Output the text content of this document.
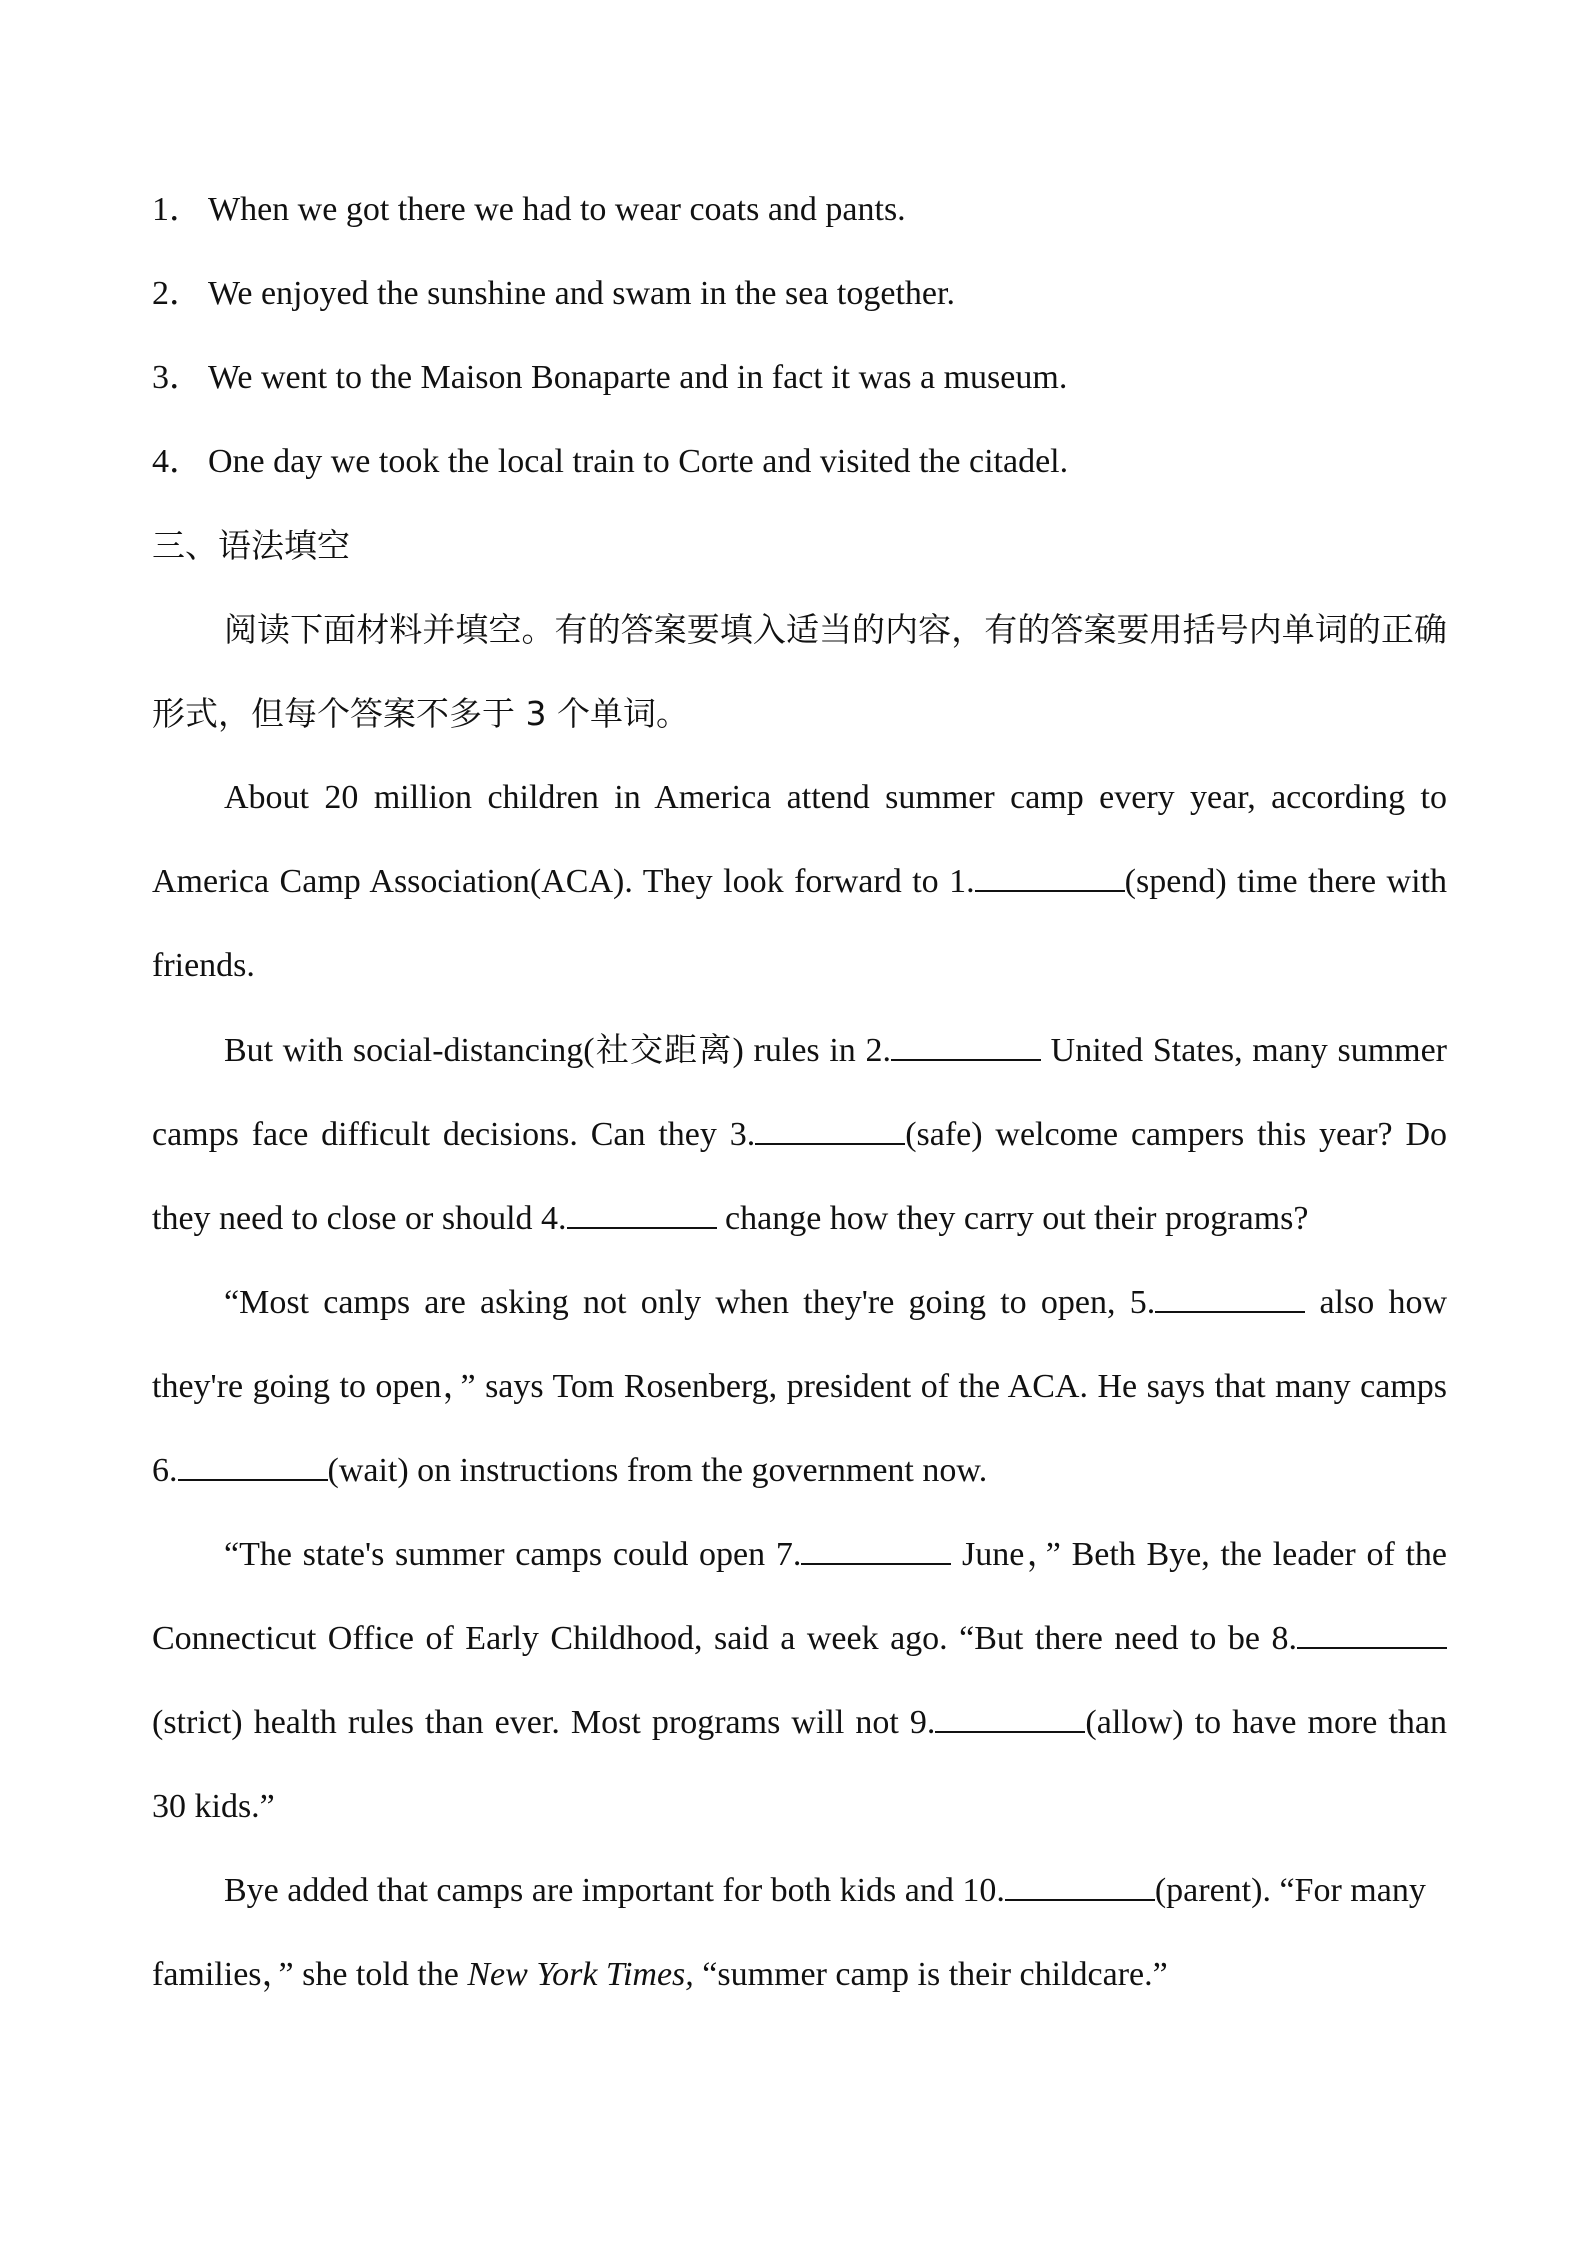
1． When we got there we had to wear coats and pants.
2． We enjoyed the sunshine and swam in the sea together.
3． We went to the Maison Bonaparte and in fact it was a museum.
4． One day we took the local train to Corte and visited the citadel.
三、语法填空

阅读下面材料并填空。有的答案要填入适当的内容，有的答案要用括号内单词的正确形式，但每个答案不多于 3 个单词。

About 20 million children in America attend summer camp every year, according to America Camp Association(ACA). They look forward to 1.	(spend) time there with friends.

But with social-distancing(社交距离) rules in 2.	United States, many summer camps face difficult decisions. Can they 3.	(safe) welcome campers this year? Do they need to close or should 4.	change how they carry out their programs?

“Most camps are asking not only when they're going to open, 5.	also how they're going to open，” says Tom Rosenberg, president of the ACA. He says that many camps 6.	(wait) on instructions from the government now.

“The state's summer camps could open 7.	June，” Beth Bye, the leader of the Connecticut Office of Early Childhood, said a week ago. “But there need to be 8.(strict) health rules than ever. Most programs will not 9.	(allow) to have more than 30 kids.”

Bye added that camps are important for both kids and 10.	(parent). “For many families，” she told the New York Times, “summer camp is their childcare.”
